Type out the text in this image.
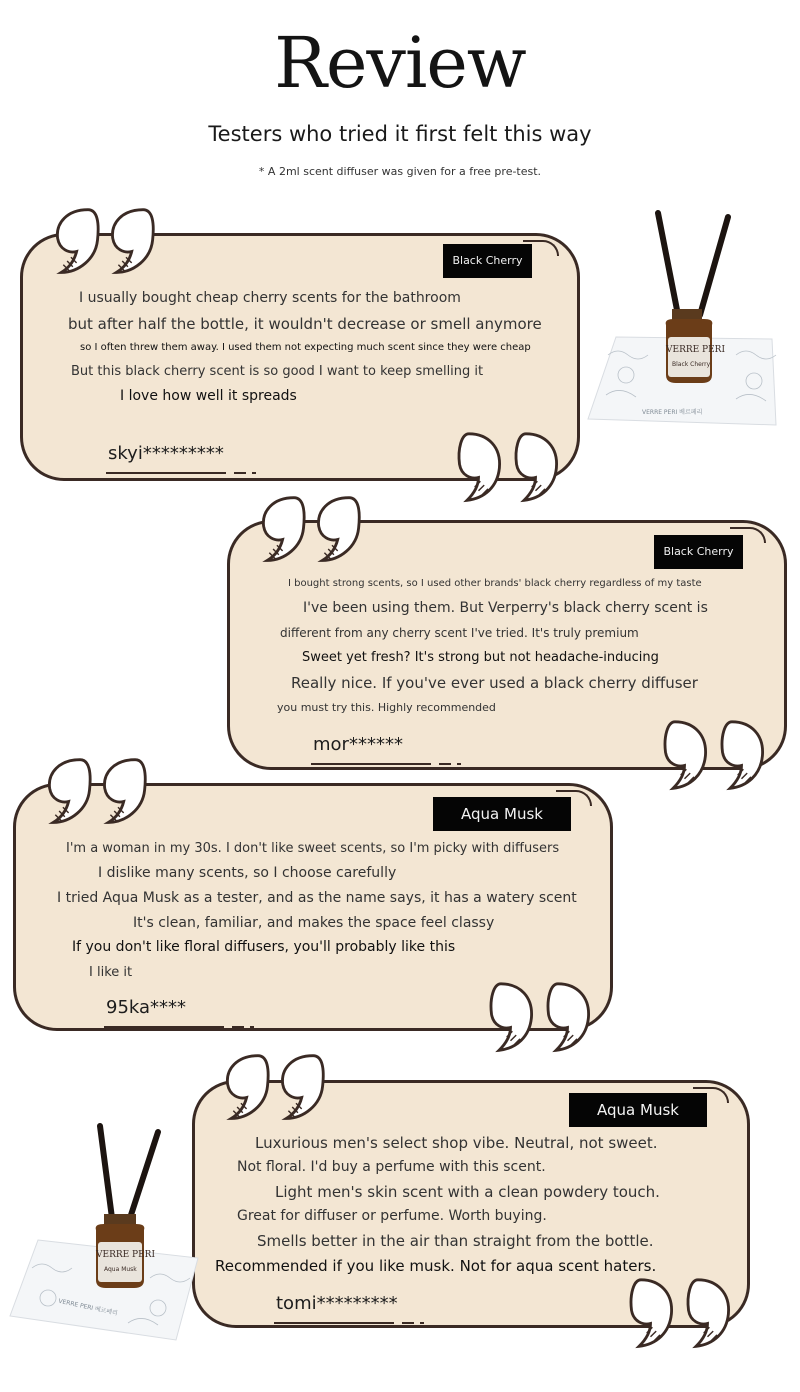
Review
Testers who tried it first felt this way
* A 2ml scent diffuser was given for a free pre-test.
Black Cherry
I usually bought cheap cherry scents for the bathroom
but after half the bottle, it wouldn't decrease or smell anymore
so I often threw them away. I used them not expecting much scent since they were cheap
But this black cherry scent is so good I want to keep smelling it
I love how well it spreads
skyi*********
VERRE PERI
Black Cherry
VERRE PERI 베르페리
Black Cherry
I bought strong scents, so I used other brands' black cherry regardless of my taste
I've been using them. But Verperry's black cherry scent is
different from any cherry scent I've tried. It's truly premium
Sweet yet fresh? It's strong but not headache-inducing
Really nice. If you've ever used a black cherry diffuser
you must try this. Highly recommended
mor******
Aqua Musk
I'm a woman in my 30s. I don't like sweet scents, so I'm picky with diffusers
I dislike many scents, so I choose carefully
I tried Aqua Musk as a tester, and as the name says, it has a watery scent
It's clean, familiar, and makes the space feel classy
If you don't like floral diffusers, you'll probably like this
I like it
95ka****
Aqua Musk
Luxurious men's select shop vibe. Neutral, not sweet.
Not floral. I'd buy a perfume with this scent.
Light men's skin scent with a clean powdery touch.
Great for diffuser or perfume. Worth buying.
Smells better in the air than straight from the bottle.
Recommended if you like musk. Not for aqua scent haters.
tomi*********
VERRE PERI
Aqua Musk
VERRE PERI 베르페리
